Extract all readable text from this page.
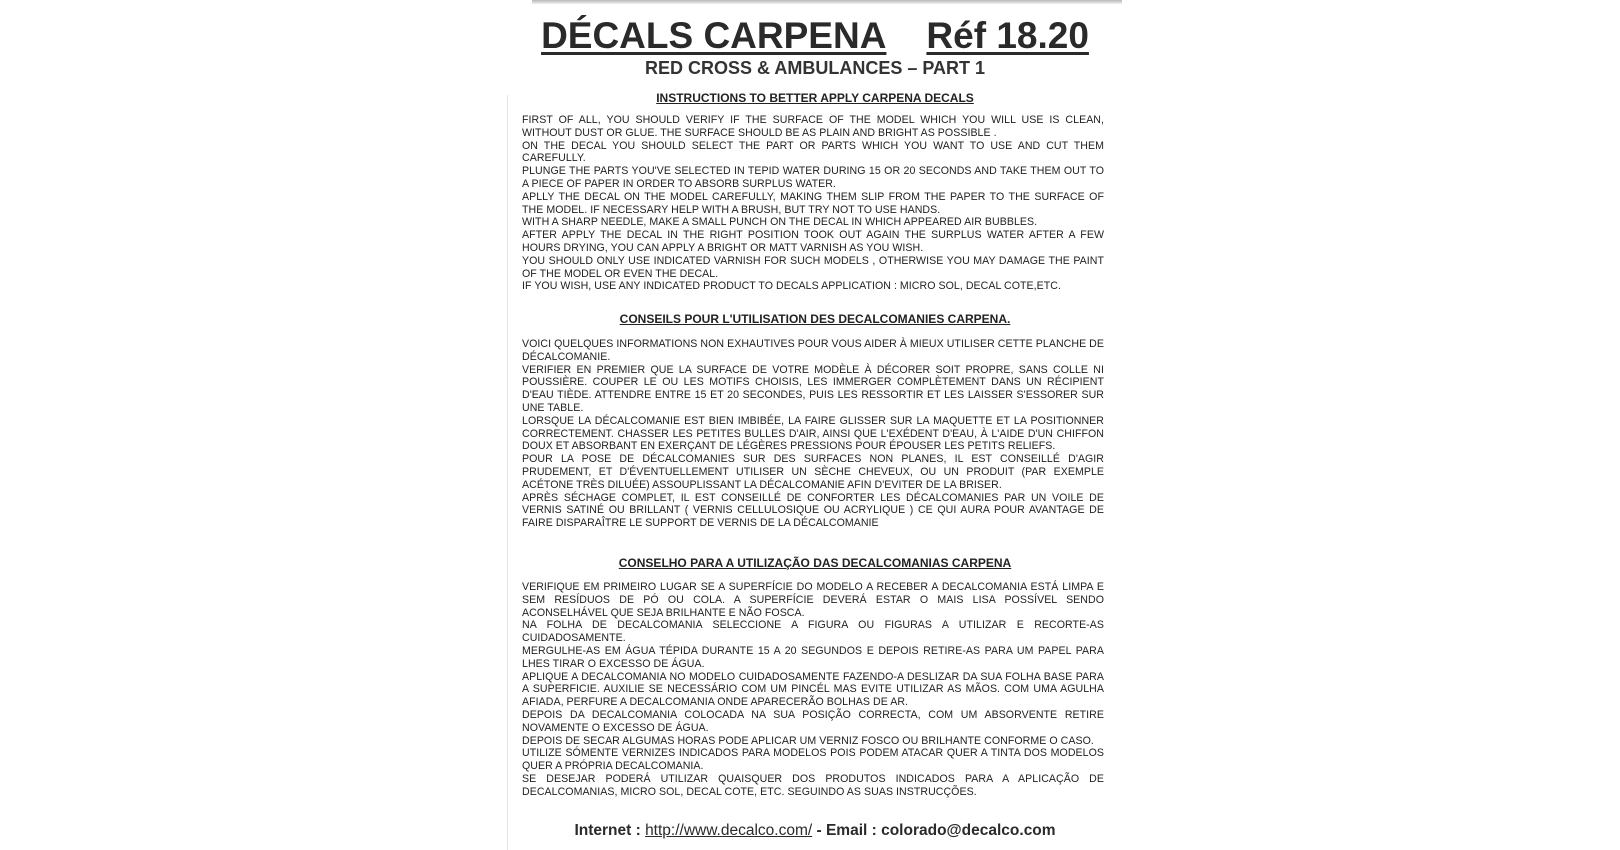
DÉCALS CARPENA Réf 18.20
RED CROSS & AMBULANCES – PART 1
INSTRUCTIONS TO BETTER APPLY CARPENA DECALS

FIRST OF ALL, YOU SHOULD VERIFY IF THE SURFACE OF THE MODEL WHICH YOU WILL USE IS CLEAN, WITHOUT DUST OR GLUE. THE SURFACE SHOULD BE AS PLAIN AND BRIGHT AS POSSIBLE .

ON THE DECAL YOU SHOULD SELECT THE PART OR PARTS WHICH YOU WANT TO USE AND CUT THEM CAREFULLY.

PLUNGE THE PARTS YOU'VE SELECTED IN TEPID WATER DURING 15 OR 20 SECONDS AND TAKE THEM OUT TO A PIECE OF PAPER IN ORDER TO ABSORB SURPLUS WATER.

APLLY THE DECAL ON THE MODEL CAREFULLY, MAKING THEM SLIP FROM THE PAPER TO THE SURFACE OF THE MODEL. IF NECESSARY HELP WITH A BRUSH, BUT TRY NOT TO USE HANDS.

WITH A SHARP NEEDLE, MAKE A SMALL PUNCH ON THE DECAL IN WHICH APPEARED AIR BUBBLES.

AFTER APPLY THE DECAL IN THE RIGHT POSITION TOOK OUT AGAIN THE SURPLUS WATER AFTER A FEW HOURS DRYING, YOU CAN APPLY A BRIGHT OR MATT VARNISH AS YOU WISH.

YOU SHOULD ONLY USE INDICATED VARNISH FOR SUCH MODELS , OTHERWISE YOU MAY DAMAGE THE PAINT OF THE MODEL OR EVEN THE DECAL.

IF YOU WISH, USE ANY INDICATED PRODUCT TO DECALS APPLICATION : MICRO SOL, DECAL COTE,ETC.

CONSEILS POUR L'UTILISATION DES DECALCOMANIES CARPENA.

VOICI QUELQUES INFORMATIONS NON EXHAUTIVES POUR VOUS AIDER À MIEUX UTILISER CETTE PLANCHE DE DÉCALCOMANIE.

VERIFIER EN PREMIER QUE LA SURFACE DE VOTRE MODÈLE À DÉCORER SOIT PROPRE, SANS COLLE NI POUSSIÈRE. COUPER LE OU LES MOTIFS CHOISIS, LES IMMERGER COMPLÈTEMENT DANS UN RÉCIPIENT D'EAU TIÈDE. ATTENDRE ENTRE 15 ET 20 SECONDES, PUIS LES RESSORTIR ET LES LAISSER S'ESSORER SUR UNE TABLE.

LORSQUE LA DÉCALCOMANIE EST BIEN IMBIBÉE, LA FAIRE GLISSER SUR LA MAQUETTE ET LA POSITIONNER CORRECTEMENT. CHASSER LES PETITES BULLES D'AIR, AINSI QUE L'EXÉDENT D'EAU, À L'AIDE D'UN CHIFFON DOUX ET ABSORBANT EN EXERÇANT DE LÉGÈRES PRESSIONS POUR ÉPOUSER LES PETITS RELIEFS.

POUR LA POSE DE DÉCALCOMANIES SUR DES SURFACES NON PLANES, IL EST CONSEILLÉ D'AGIR PRUDEMENT, ET D'ÉVENTUELLEMENT UTILISER UN SÈCHE CHEVEUX, OU UN PRODUIT (PAR EXEMPLE ACÉTONE TRÈS DILUÉE) ASSOUPLISSANT LA DÉCALCOMANIE AFIN D'EVITER DE LA BRISER.

APRÈS SÉCHAGE COMPLET, IL EST CONSEILLÉ DE CONFORTER LES DÉCALCOMANIES PAR UN VOILE DE VERNIS SATINÉ OU BRILLANT ( VERNIS CELLULOSIQUE OU ACRYLIQUE ) CE QUI AURA POUR AVANTAGE DE FAIRE DISPARAÎTRE LE SUPPORT DE VERNIS DE LA DÉCALCOMANIE

CONSELHO PARA A UTILIZAÇÃO DAS DECALCOMANIAS CARPENA

VERIFIQUE EM PRIMEIRO LUGAR SE A SUPERFÍCIE DO MODELO A RECEBER A DECALCOMANIA ESTÁ LIMPA E SEM RESÍDUOS DE PÓ OU COLA. A SUPERFÍCIE DEVERÁ ESTAR O MAIS LISA POSSÍVEL SENDO ACONSELHÁVEL QUE SEJA BRILHANTE E NÃO FOSCA.

NA FOLHA DE DECALCOMANIA SELECCIONE A FIGURA OU FIGURAS A UTILIZAR E RECORTE-AS CUIDADOSAMENTE.

MERGULHE-AS EM ÁGUA TÉPIDA DURANTE 15 A 20 SEGUNDOS E DEPOIS RETIRE-AS PARA UM PAPEL PARA LHES TIRAR O EXCESSO DE ÁGUA.

APLIQUE A DECALCOMANIA NO MODELO CUIDADOSAMENTE FAZENDO-A DESLIZAR DA SUA FOLHA BASE PARA A SUPERFICIE. AUXILIE SE NECESSÁRIO COM UM PINCÉL MAS EVITE UTILIZAR AS MÃOS. COM UMA AGULHA AFIADA, PERFURE A DECALCOMANIA ONDE APARECERÃO BOLHAS DE AR.

DEPOIS DA DECALCOMANIA COLOCADA NA SUA POSIÇÃO CORRECTA, COM UM ABSORVENTE RETIRE NOVAMENTE O EXCESSO DE ÁGUA.

DEPOIS DE SECAR ALGUMAS HORAS PODE APLICAR UM VERNIZ FOSCO OU BRILHANTE CONFORME O CASO.

UTILIZE SÓMENTE VERNIZES INDICADOS PARA MODELOS POIS PODEM ATACAR QUER A TINTA DOS MODELOS QUER A PRÓPRIA DECALCOMANIA.

SE DESEJAR PODERÁ UTILIZAR QUAISQUER DOS PRODUTOS INDICADOS PARA A APLICAÇÃO DE DECALCOMANIAS, MICRO SOL, DECAL COTE, ETC. SEGUINDO AS SUAS INSTRUCÇÕES.

Internet : http://www.decalco.com/ - Email : colorado@decalco.com
